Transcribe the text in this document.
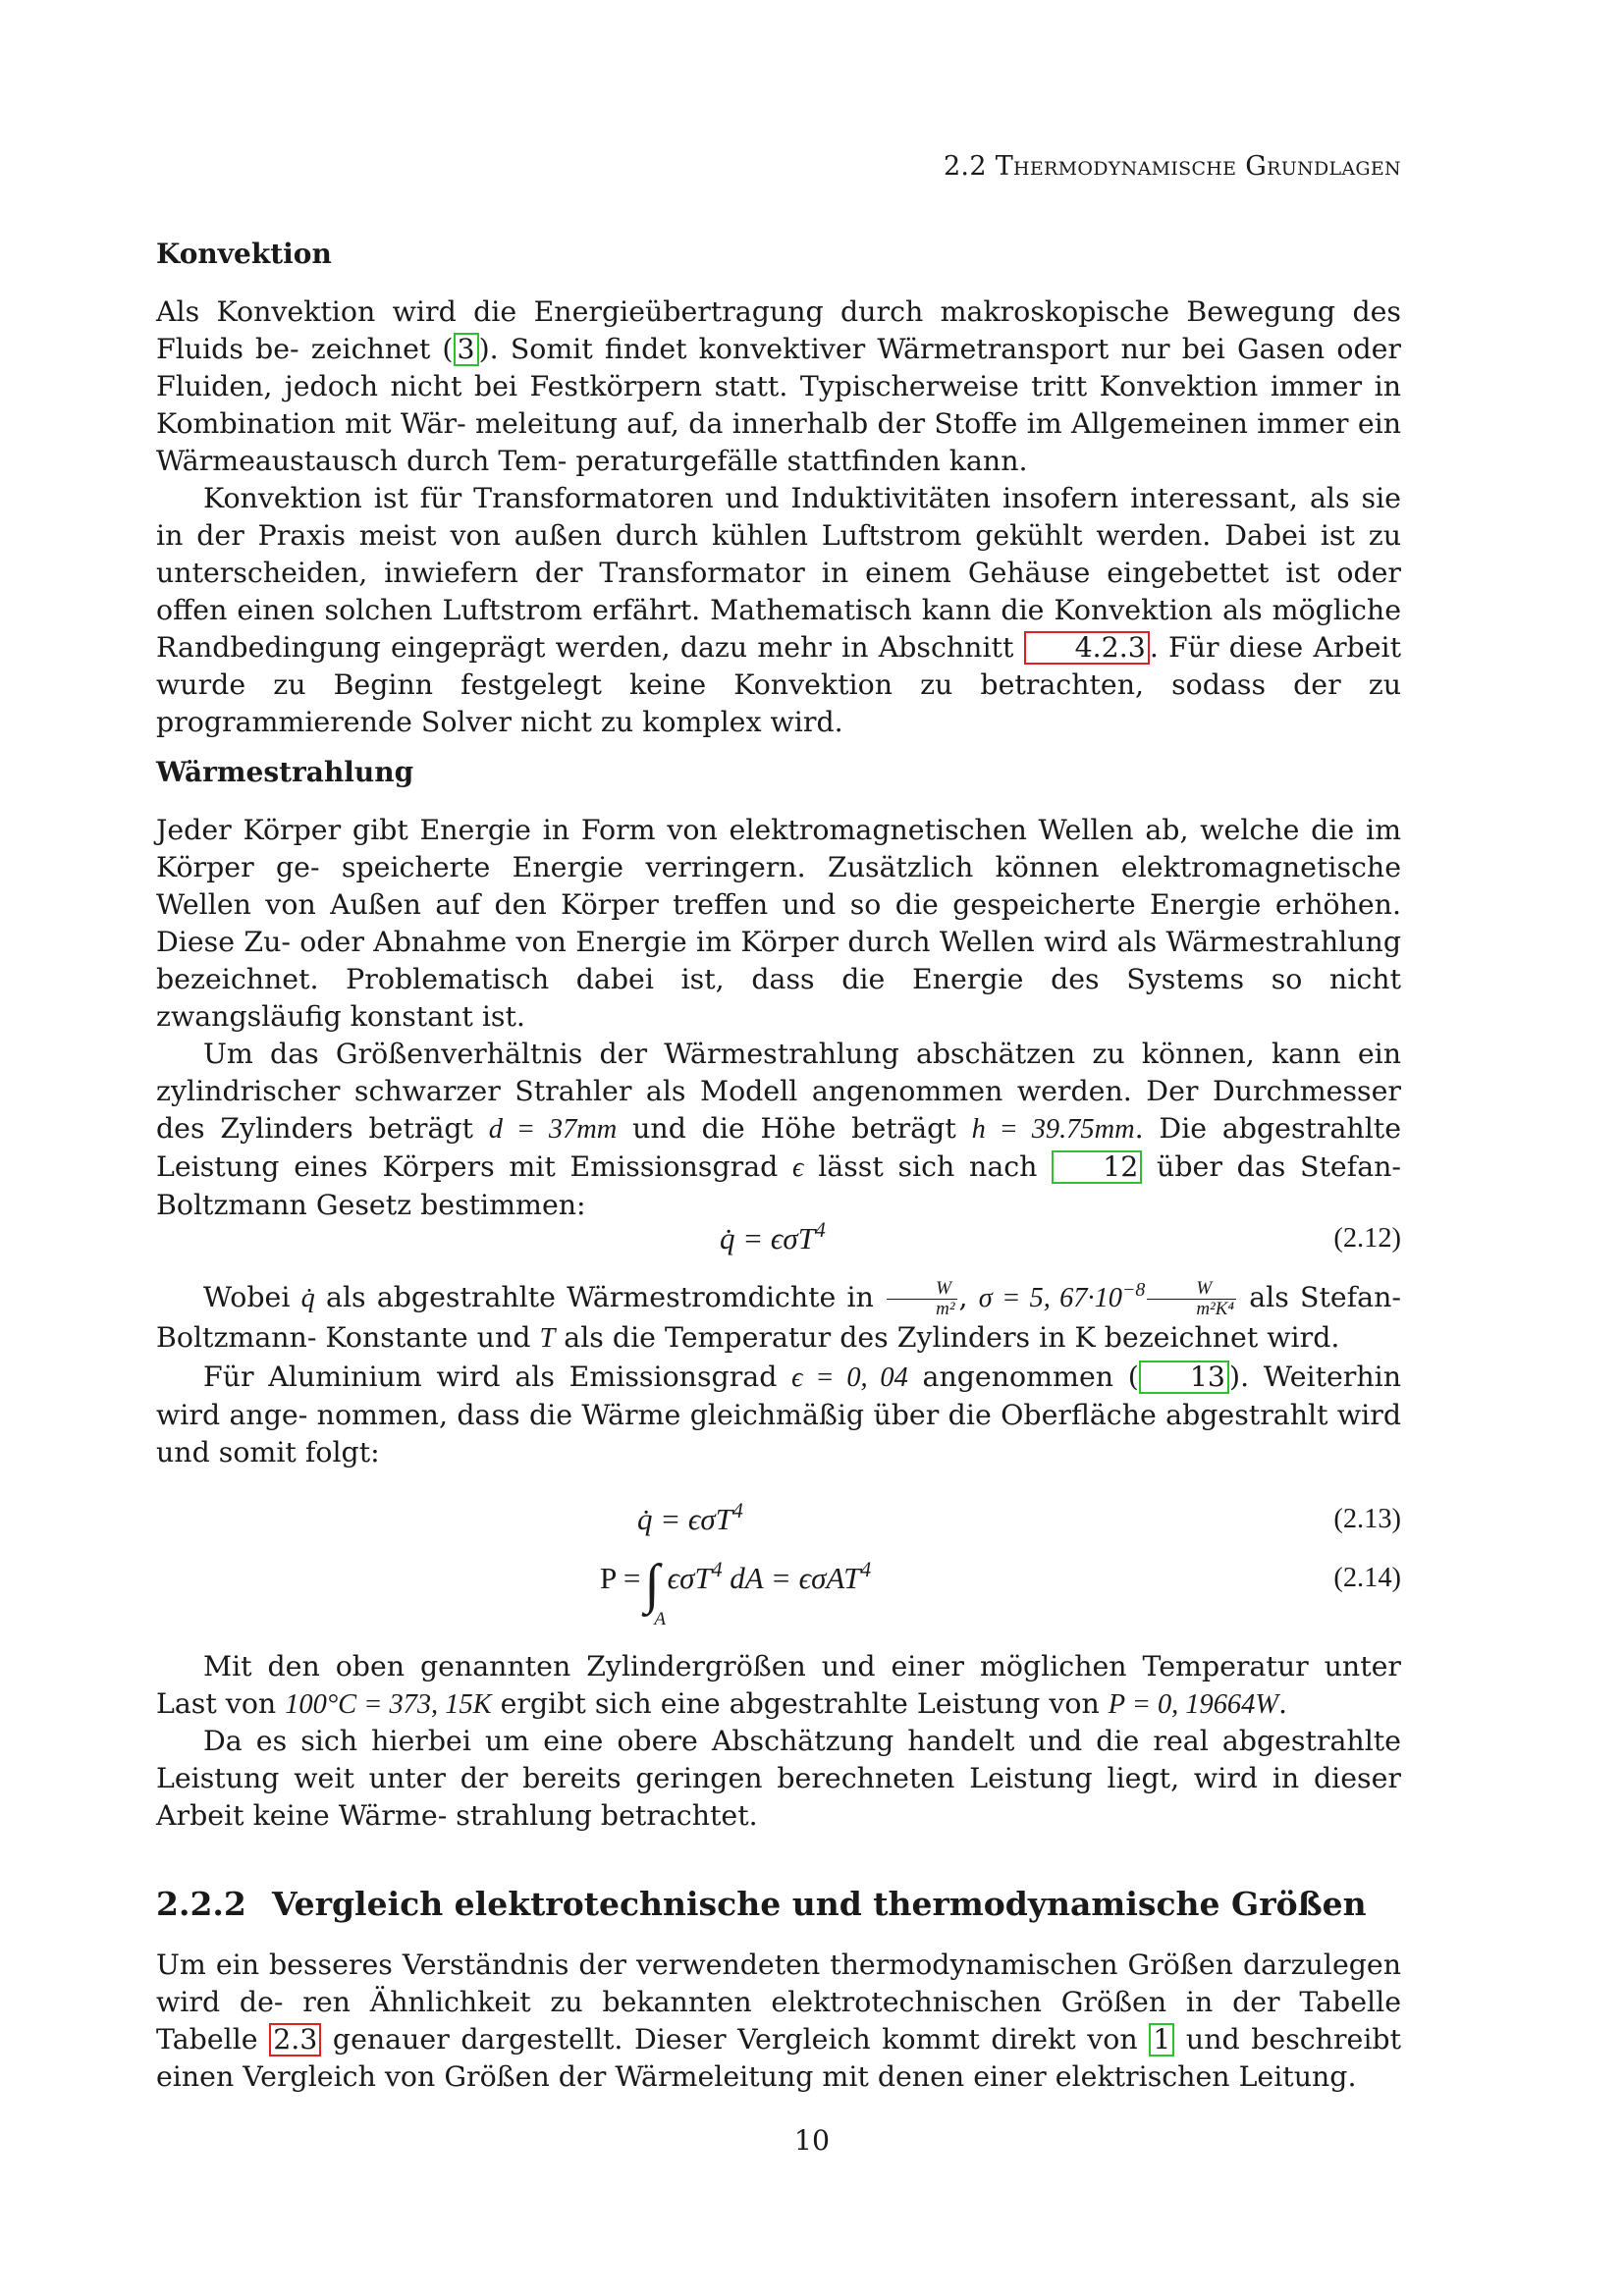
2.2 Thermodynamische Grundlagen
Konvektion

Als Konvektion wird die Energieübertragung durch makroskopische Bewegung des Fluids be- zeichnet ( 3 ). Somit findet konvektiver Wärmetransport nur bei Gasen oder Fluiden, jedoch nicht bei Festkörpern statt. Typischerweise tritt Konvektion immer in Kombination mit Wär- meleitung auf, da innerhalb der Stoffe im Allgemeinen immer ein Wärmeaustausch durch Tem- peraturgefälle stattfinden kann.

Konvektion ist für Transformatoren und Induktivitäten insofern interessant, als sie in der Praxis meist von außen durch kühlen Luftstrom gekühlt werden. Dabei ist zu unterscheiden, inwiefern der Transformator in einem Gehäuse eingebettet ist oder offen einen solchen Luftstrom erfährt. Mathematisch kann die Konvektion als mögliche Randbedingung eingeprägt werden, dazu mehr in Abschnitt 4.2.3 . Für diese Arbeit wurde zu Beginn festgelegt keine Konvektion zu betrachten, sodass der zu programmierende Solver nicht zu komplex wird.

Wärmestrahlung

Jeder Körper gibt Energie in Form von elektromagnetischen Wellen ab, welche die im Körper ge- speicherte Energie verringern. Zusätzlich können elektromagnetische Wellen von Außen auf den Körper treffen und so die gespeicherte Energie erhöhen. Diese Zu- oder Abnahme von Energie im Körper durch Wellen wird als Wärmestrahlung bezeichnet. Problematisch dabei ist, dass die Energie des Systems so nicht zwangsläufig konstant ist.

Um das Größenverhältnis der Wärmestrahlung abschätzen zu können, kann ein zylindrischer schwarzer Strahler als Modell angenommen werden. Der Durchmesser des Zylinders beträgt d = 37mm und die Höhe beträgt h = 39.75mm. Die abgestrahlte Leistung eines Körpers mit Emissionsgrad ϵ lässt sich nach 12 über das Stefan-Boltzmann Gesetz bestimmen:

q̇ = ϵσT$^4$	(2.12)

Wobei q̇ als abgestrahlte Wärmestromdichte in $\frac{W}{\text{m²}}$ , σ = 5, $67\cdot 10^{-8} \frac{W}{\text{m²K⁴}}$ als Stefan-Boltzmann- Konstante und T als die Temperatur des Zylinders in K bezeichnet wird.

Für Aluminium wird als Emissionsgrad ϵ = 0, 04 angenommen ( 13 ). Weiterhin wird ange- nommen, dass die Wärme gleichmäßig über die Oberfläche abgestrahlt wird und somit folgt:

q̇ = ϵσT$^4$	(2.13)
P =∫
A
ϵσT$^4$ dA = ϵσAT$^4$	(2.14)

Mit den oben genannten Zylindergrößen und einer möglichen Temperatur unter Last von 100°C = 373, 15K ergibt sich eine abgestrahlte Leistung von P = 0, 19664W.

Da es sich hierbei um eine obere Abschätzung handelt und die real abgestrahlte Leistung weit unter der bereits geringen berechneten Leistung liegt, wird in dieser Arbeit keine Wärme- strahlung betrachtet.

2.2.2 Vergleich elektrotechnische und thermodynamische Größen

Um ein besseres Verständnis der verwendeten thermodynamischen Größen darzulegen wird de- ren Ähnlichkeit zu bekannten elektrotechnischen Größen in der Tabelle Tabelle 2.3 genauer dargestellt. Dieser Vergleich kommt direkt von 1 und beschreibt einen Vergleich von Größen der Wärmeleitung mit denen einer elektrischen Leitung.

10
